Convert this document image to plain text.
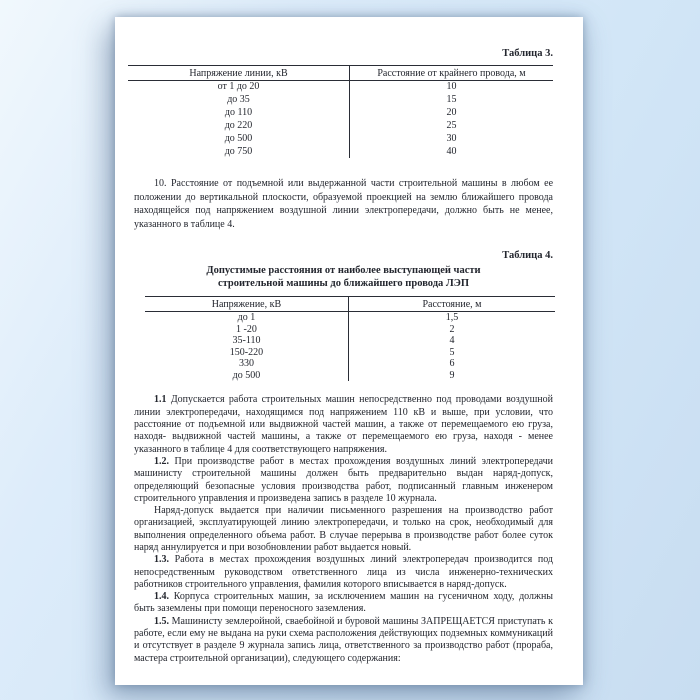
Таблица 3.
Напряжение линии, кВ	Расстояние от крайнего провода, м
от 1 до 20	10
до 35	15
до 110	20
до 220	25
до 500	30
до 750	40

10. Расстояние от подъемной или выдержанной части строительной машины в любом ее положении до вертикальной плоскости, образуемой проекцией на землю ближайшего провода находящейся под напряжением воздушной линии электропередачи, должно быть не менее, указанного в таблице 4.

Таблица 4.
Допустимые расстояния от наиболее выступающей части строительной машины до ближайшего провода ЛЭП
Напряжение, кВ	Расстояние, м
до 1	1,5
1 -20	2
35-110	4
150-220	5
330	6
до 500	9

1.1 Допускается работа строительных машин непосредственно под проводами воздушной линии электропередачи, находящимся под напряжением 110 кВ и выше, при условии, что расстояние от подъемной или выдвижной частей машин, а также от перемещаемого ею груза, находя- выдвижной частей машины, а также от перемещаемого ею груза, находя - менее указанного в таблице 4 для соответствующего напряжения.

1.2. При производстве работ в местах прохождения воздушных линий электропередачи машинисту строительной машины должен быть предварительно выдан наряд-допуск, определяющий безопасные условия производства работ, подписанный главным инженером строительного управления и произведена запись в разделе 10 журнала.

Наряд-допуск выдается при наличии письменного разрешения на производство работ организацией, эксплуатирующей линию электропередачи, и только на срок, необходимый для выполнения определенного объема работ. В случае перерыва в производстве работ более суток наряд аннулируется и при возобновлении работ выдается новый.

1.3. Работа в местах прохождения воздушных линий электропередач производится под непосредственным руководством ответственного лица из числа инженерно-технических работников строительного управления, фамилия которого вписывается в наряд-допуск.

1.4. Корпуса строительных машин, за исключением машин на гусеничном ходу, должны быть заземлены при помощи переносного заземления.

1.5. Машинисту землеройной, сваебойной и буровой машины ЗАПРЕЩАЕТСЯ приступать к работе, если ему не выдана на руки схема расположения действующих подземных коммуникаций и отсутствует в разделе 9 журнала запись лица, ответственного за производство работ (прораба, мастера строительной организации), следующего содержания:
